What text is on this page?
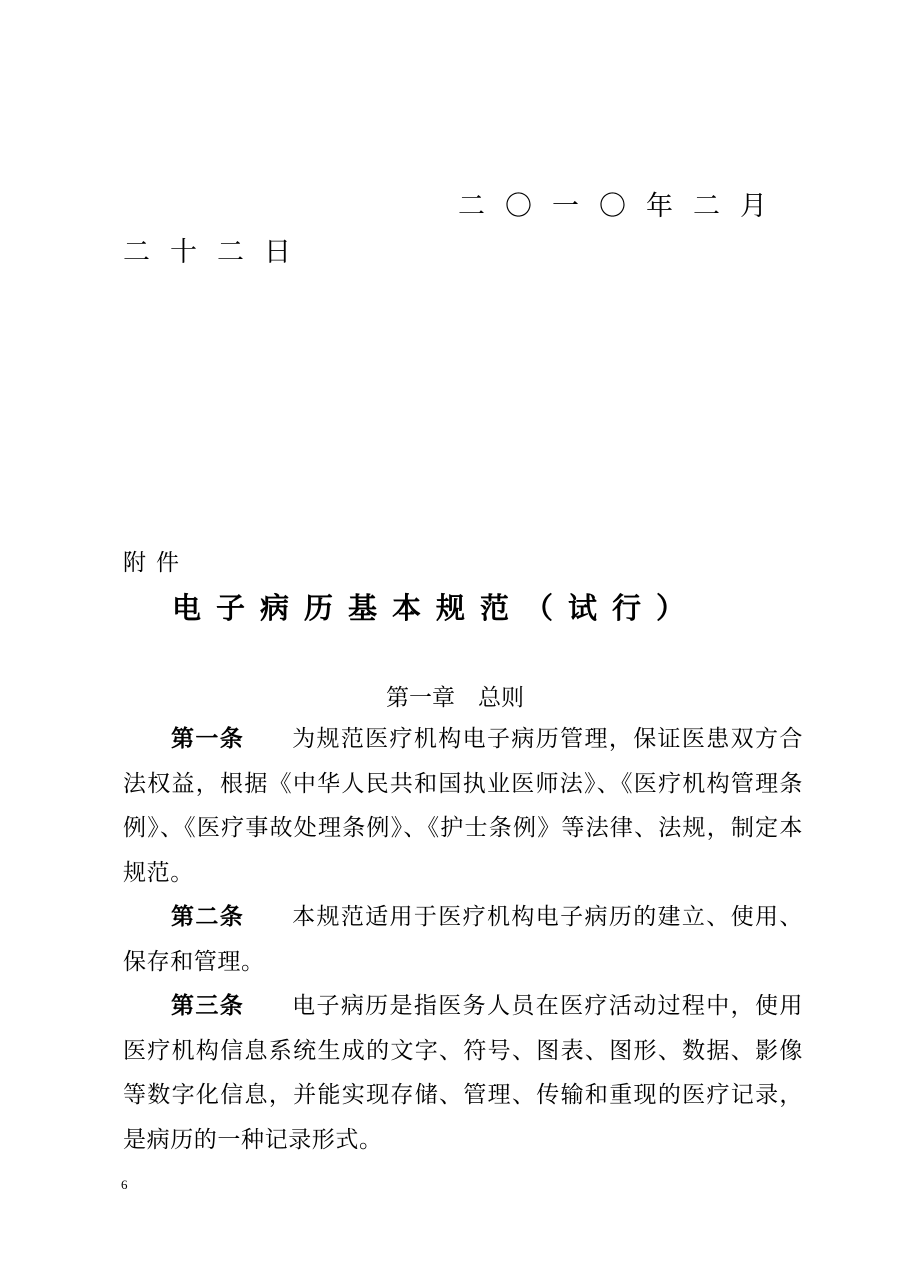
二〇一〇年二月
二十二日
附件
电子病历基本规范（试行）
第一章　总则

第一条 为规范医疗机构电子病历管理，保证医患双方合法权益，根据《中华人民共和国执业医师法》、《医疗机构管理条例》、《医疗事故处理条例》、《护士条例》等法律、法规，制定本规范。

第二条 本规范适用于医疗机构电子病历的建立、使用、保存和管理。

第三条 电子病历是指医务人员在医疗活动过程中，使用医疗机构信息系统生成的文字、符号、图表、图形、数据、影像等数字化信息，并能实现存储、管理、传输和重现的医疗记录，是病历的一种记录形式。

6
